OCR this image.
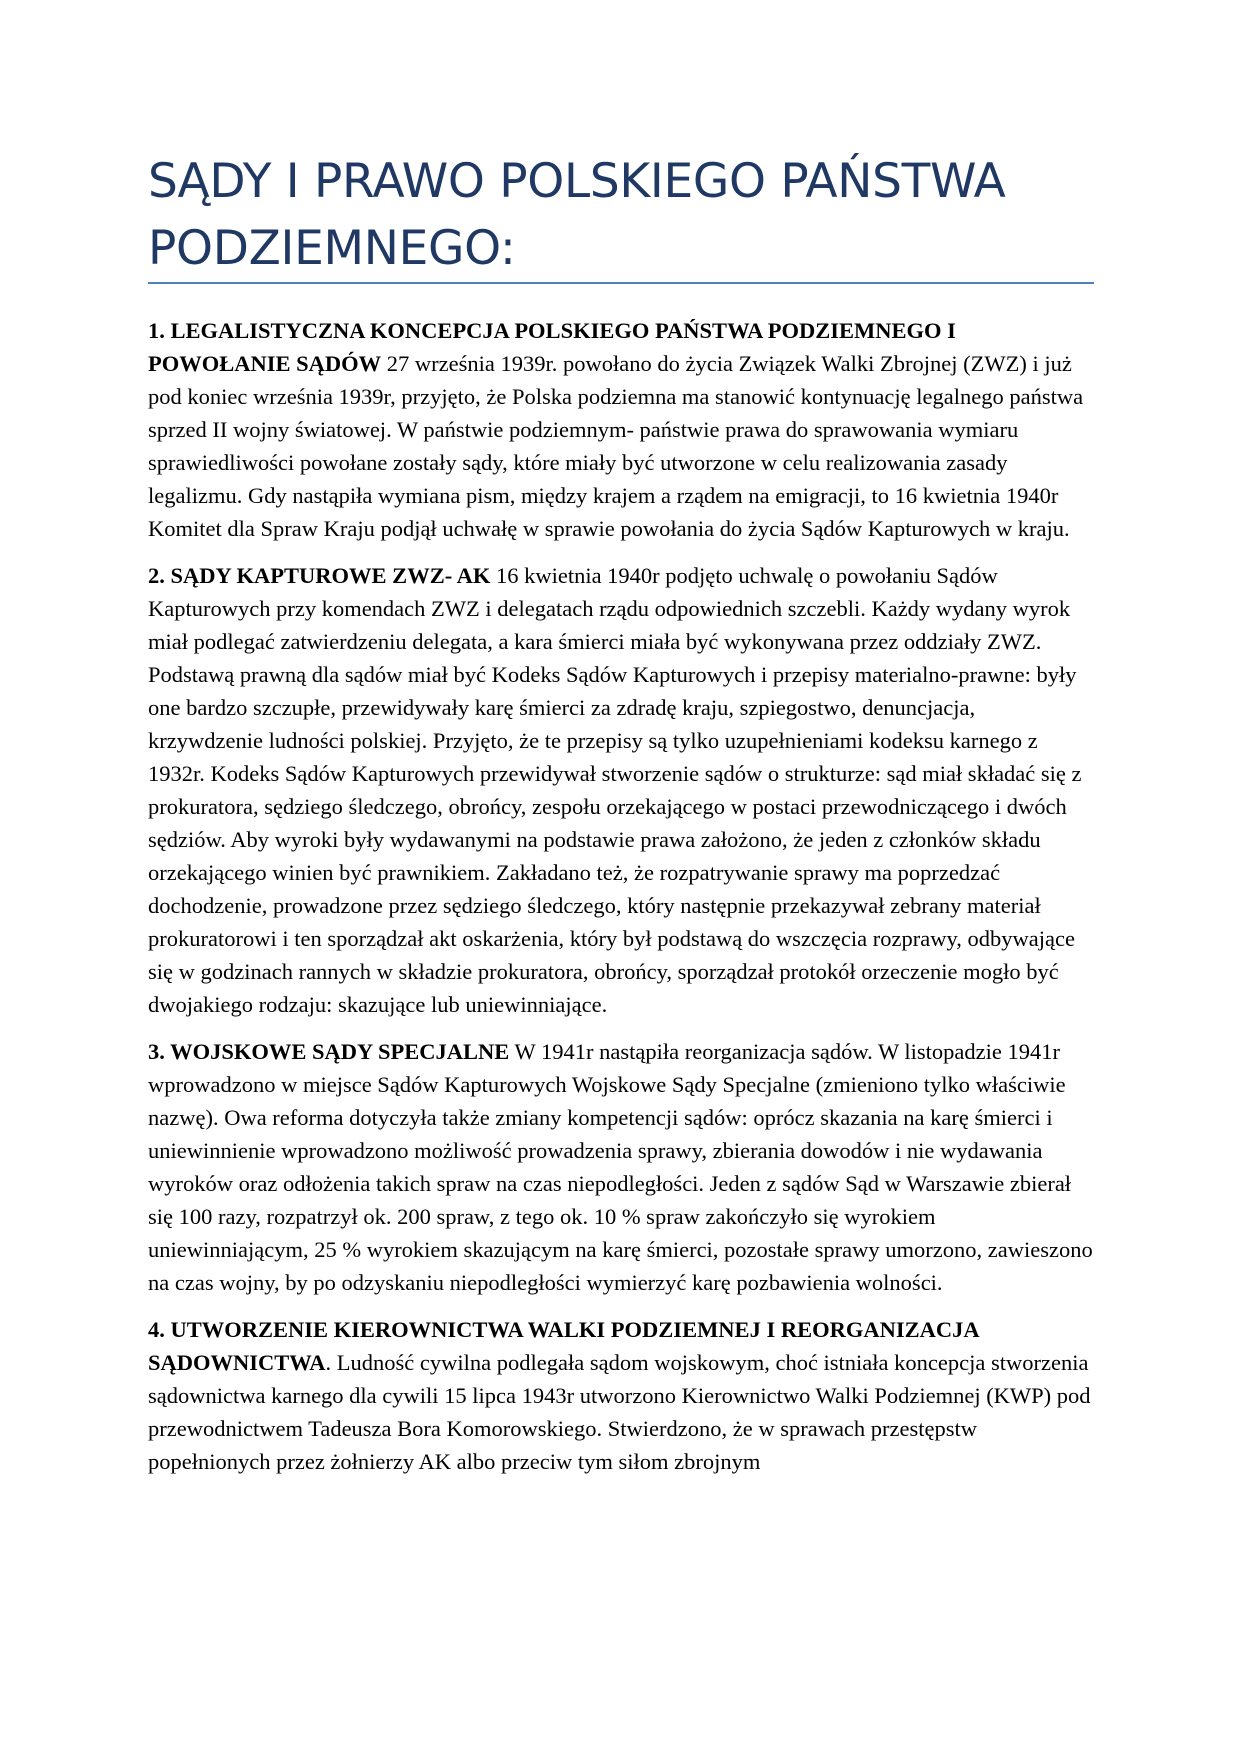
SĄDY I PRAWO POLSKIEGO PAŃSTWA PODZIEMNEGO:

1. LEGALISTYCZNA KONCEPCJA POLSKIEGO PAŃSTWA PODZIEMNEGO I POWOŁANIE SĄDÓW 27 września 1939r. powołano do życia Związek Walki Zbrojnej (ZWZ) i już pod koniec września 1939r, przyjęto, że Polska podziemna ma stanowić kontynuację legalnego państwa sprzed II wojny światowej. W państwie podziemnym- państwie prawa do sprawowania wymiaru sprawiedliwości powołane zostały sądy, które miały być utworzone w celu realizowania zasady legalizmu. Gdy nastąpiła wymiana pism, między krajem a rządem na emigracji, to 16 kwietnia 1940r Komitet dla Spraw Kraju podjął uchwałę w sprawie powołania do życia Sądów Kapturowych w kraju.

2. SĄDY KAPTUROWE ZWZ- AK 16 kwietnia 1940r podjęto uchwalę o powołaniu Sądów Kapturowych przy komendach ZWZ i delegatach rządu odpowiednich szczebli. Każdy wydany wyrok miał podlegać zatwierdzeniu delegata, a kara śmierci miała być wykonywana przez oddziały ZWZ. Podstawą prawną dla sądów miał być Kodeks Sądów Kapturowych i przepisy materialno-prawne: były one bardzo szczupłe, przewidywały karę śmierci za zdradę kraju, szpiegostwo, denuncjacja, krzywdzenie ludności polskiej. Przyjęto, że te przepisy są tylko uzupełnieniami kodeksu karnego z 1932r. Kodeks Sądów Kapturowych przewidywał stworzenie sądów o strukturze: sąd miał składać się z prokuratora, sędziego śledczego, obrońcy, zespołu orzekającego w postaci przewodniczącego i dwóch sędziów. Aby wyroki były wydawanymi na podstawie prawa założono, że jeden z członków składu orzekającego winien być prawnikiem. Zakładano też, że rozpatrywanie sprawy ma poprzedzać dochodzenie, prowadzone przez sędziego śledczego, który następnie przekazywał zebrany materiał prokuratorowi i ten sporządzał akt oskarżenia, który był podstawą do wszczęcia rozprawy, odbywające się w godzinach rannych w składzie prokuratora, obrońcy, sporządzał protokół orzeczenie mogło być dwojakiego rodzaju: skazujące lub uniewinniające.

3. WOJSKOWE SĄDY SPECJALNE W 1941r nastąpiła reorganizacja sądów. W listopadzie 1941r wprowadzono w miejsce Sądów Kapturowych Wojskowe Sądy Specjalne (zmieniono tylko właściwie nazwę). Owa reforma dotyczyła także zmiany kompetencji sądów: oprócz skazania na karę śmierci i uniewinnienie wprowadzono możliwość prowadzenia sprawy, zbierania dowodów i nie wydawania wyroków oraz odłożenia takich spraw na czas niepodległości. Jeden z sądów Sąd w Warszawie zbierał się 100 razy, rozpatrzył ok. 200 spraw, z tego ok. 10 % spraw zakończyło się wyrokiem uniewinniającym, 25 % wyrokiem skazującym na karę śmierci, pozostałe sprawy umorzono, zawieszono na czas wojny, by po odzyskaniu niepodległości wymierzyć karę pozbawienia wolności.

4. UTWORZENIE KIEROWNICTWA WALKI PODZIEMNEJ I REORGANIZACJA SĄDOWNICTWA. Ludność cywilna podlegała sądom wojskowym, choć istniała koncepcja stworzenia sądownictwa karnego dla cywili 15 lipca 1943r utworzono Kierownictwo Walki Podziemnej (KWP) pod przewodnictwem Tadeusza Bora Komorowskiego. Stwierdzono, że w sprawach przestępstw popełnionych przez żołnierzy AK albo przeciw tym siłom zbrojnym
